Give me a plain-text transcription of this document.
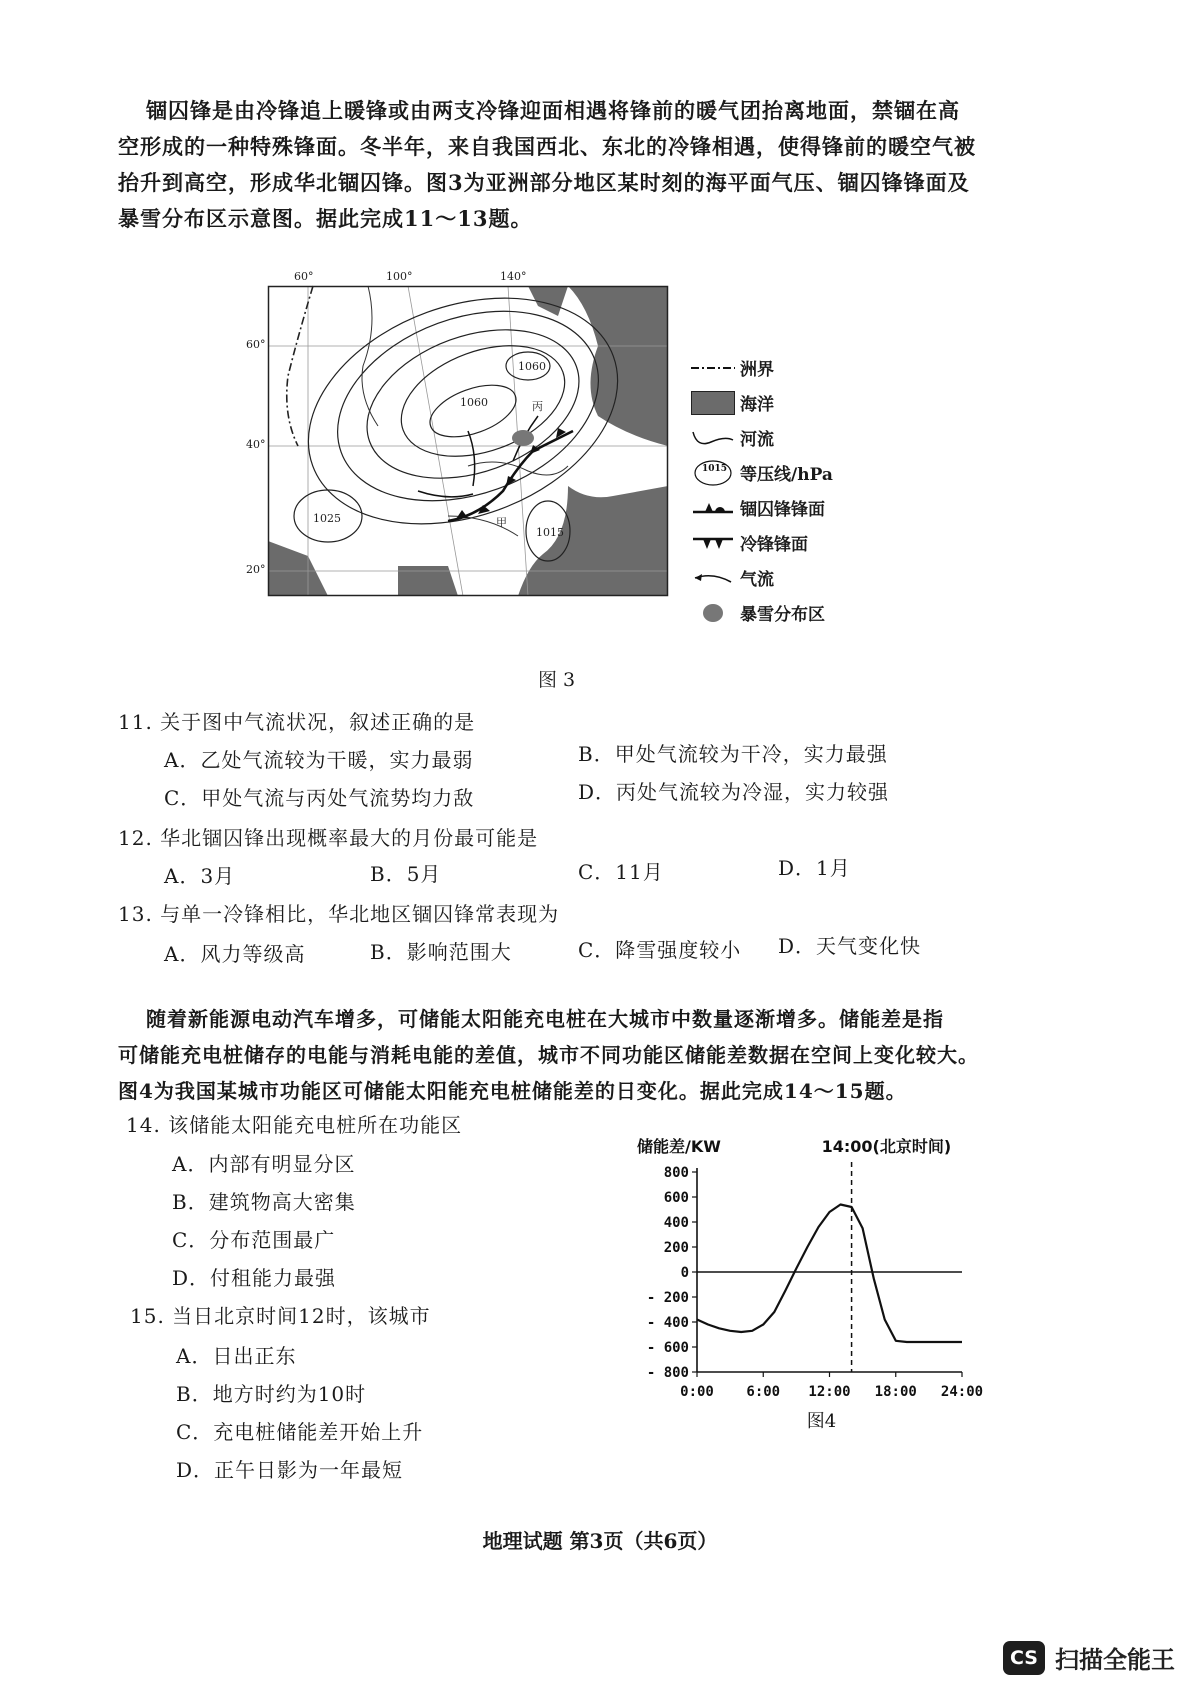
锢囚锋是由冷锋追上暖锋或由两支冷锋迎面相遇将锋前的暖气团抬离地面，禁锢在高

空形成的一种特殊锋面。冬半年，来自我国西北、东北的冷锋相遇，使得锋前的暖空气被

抬升到高空，形成华北锢囚锋。图3为亚洲部分地区某时刻的海平面气压、锢囚锋锋面及

暴雪分布区示意图。据此完成11～13题。

60°	100°	140°
1060
1060
1025
1015
甲
丙
60°
40°
20°
图 3
洲界
海洋
河流
1015 等压线/hPa
锢囚锋锋面
冷锋锋面
气流
暴雪分布区
11. 关于图中气流状况，叙述正确的是
A．乙处气流较为干暖，实力最弱	B．甲处气流较为干冷，实力最强
C．甲处气流与丙处气流势均力敌	D．丙处气流较为冷湿，实力较强
12. 华北锢囚锋出现概率最大的月份最可能是
A．3月	B．5月	C．11月	D．1月
13. 与单一冷锋相比，华北地区锢囚锋常表现为
A．风力等级高	B．影响范围大	C．降雪强度较小 D．天气变化快

随着新能源电动汽车增多，可储能太阳能充电桩在大城市中数量逐渐增多。储能差是指

可储能充电桩储存的电能与消耗电能的差值，城市不同功能区储能差数据在空间上变化较大。

图4为我国某城市功能区可储能太阳能充电桩储能差的日变化。据此完成14～15题。

14. 该储能太阳能充电桩所在功能区
A．内部有明显分区
B．建筑物高大密集
C．分布范围最广
D．付租能力最强
15. 当日北京时间12时，该城市
A．日出正东
B．地方时约为10时
C．充电桩储能差开始上升
D．正午日影为一年最短
800
600
400
200
0
- 200
- 400
- 600
- 800
0:00 6:00 12:00 18:00 24:00
储能差/KW	14:00(北京时间)
图4
地理试题 第3页（共6页）
CS 扫描全能王
